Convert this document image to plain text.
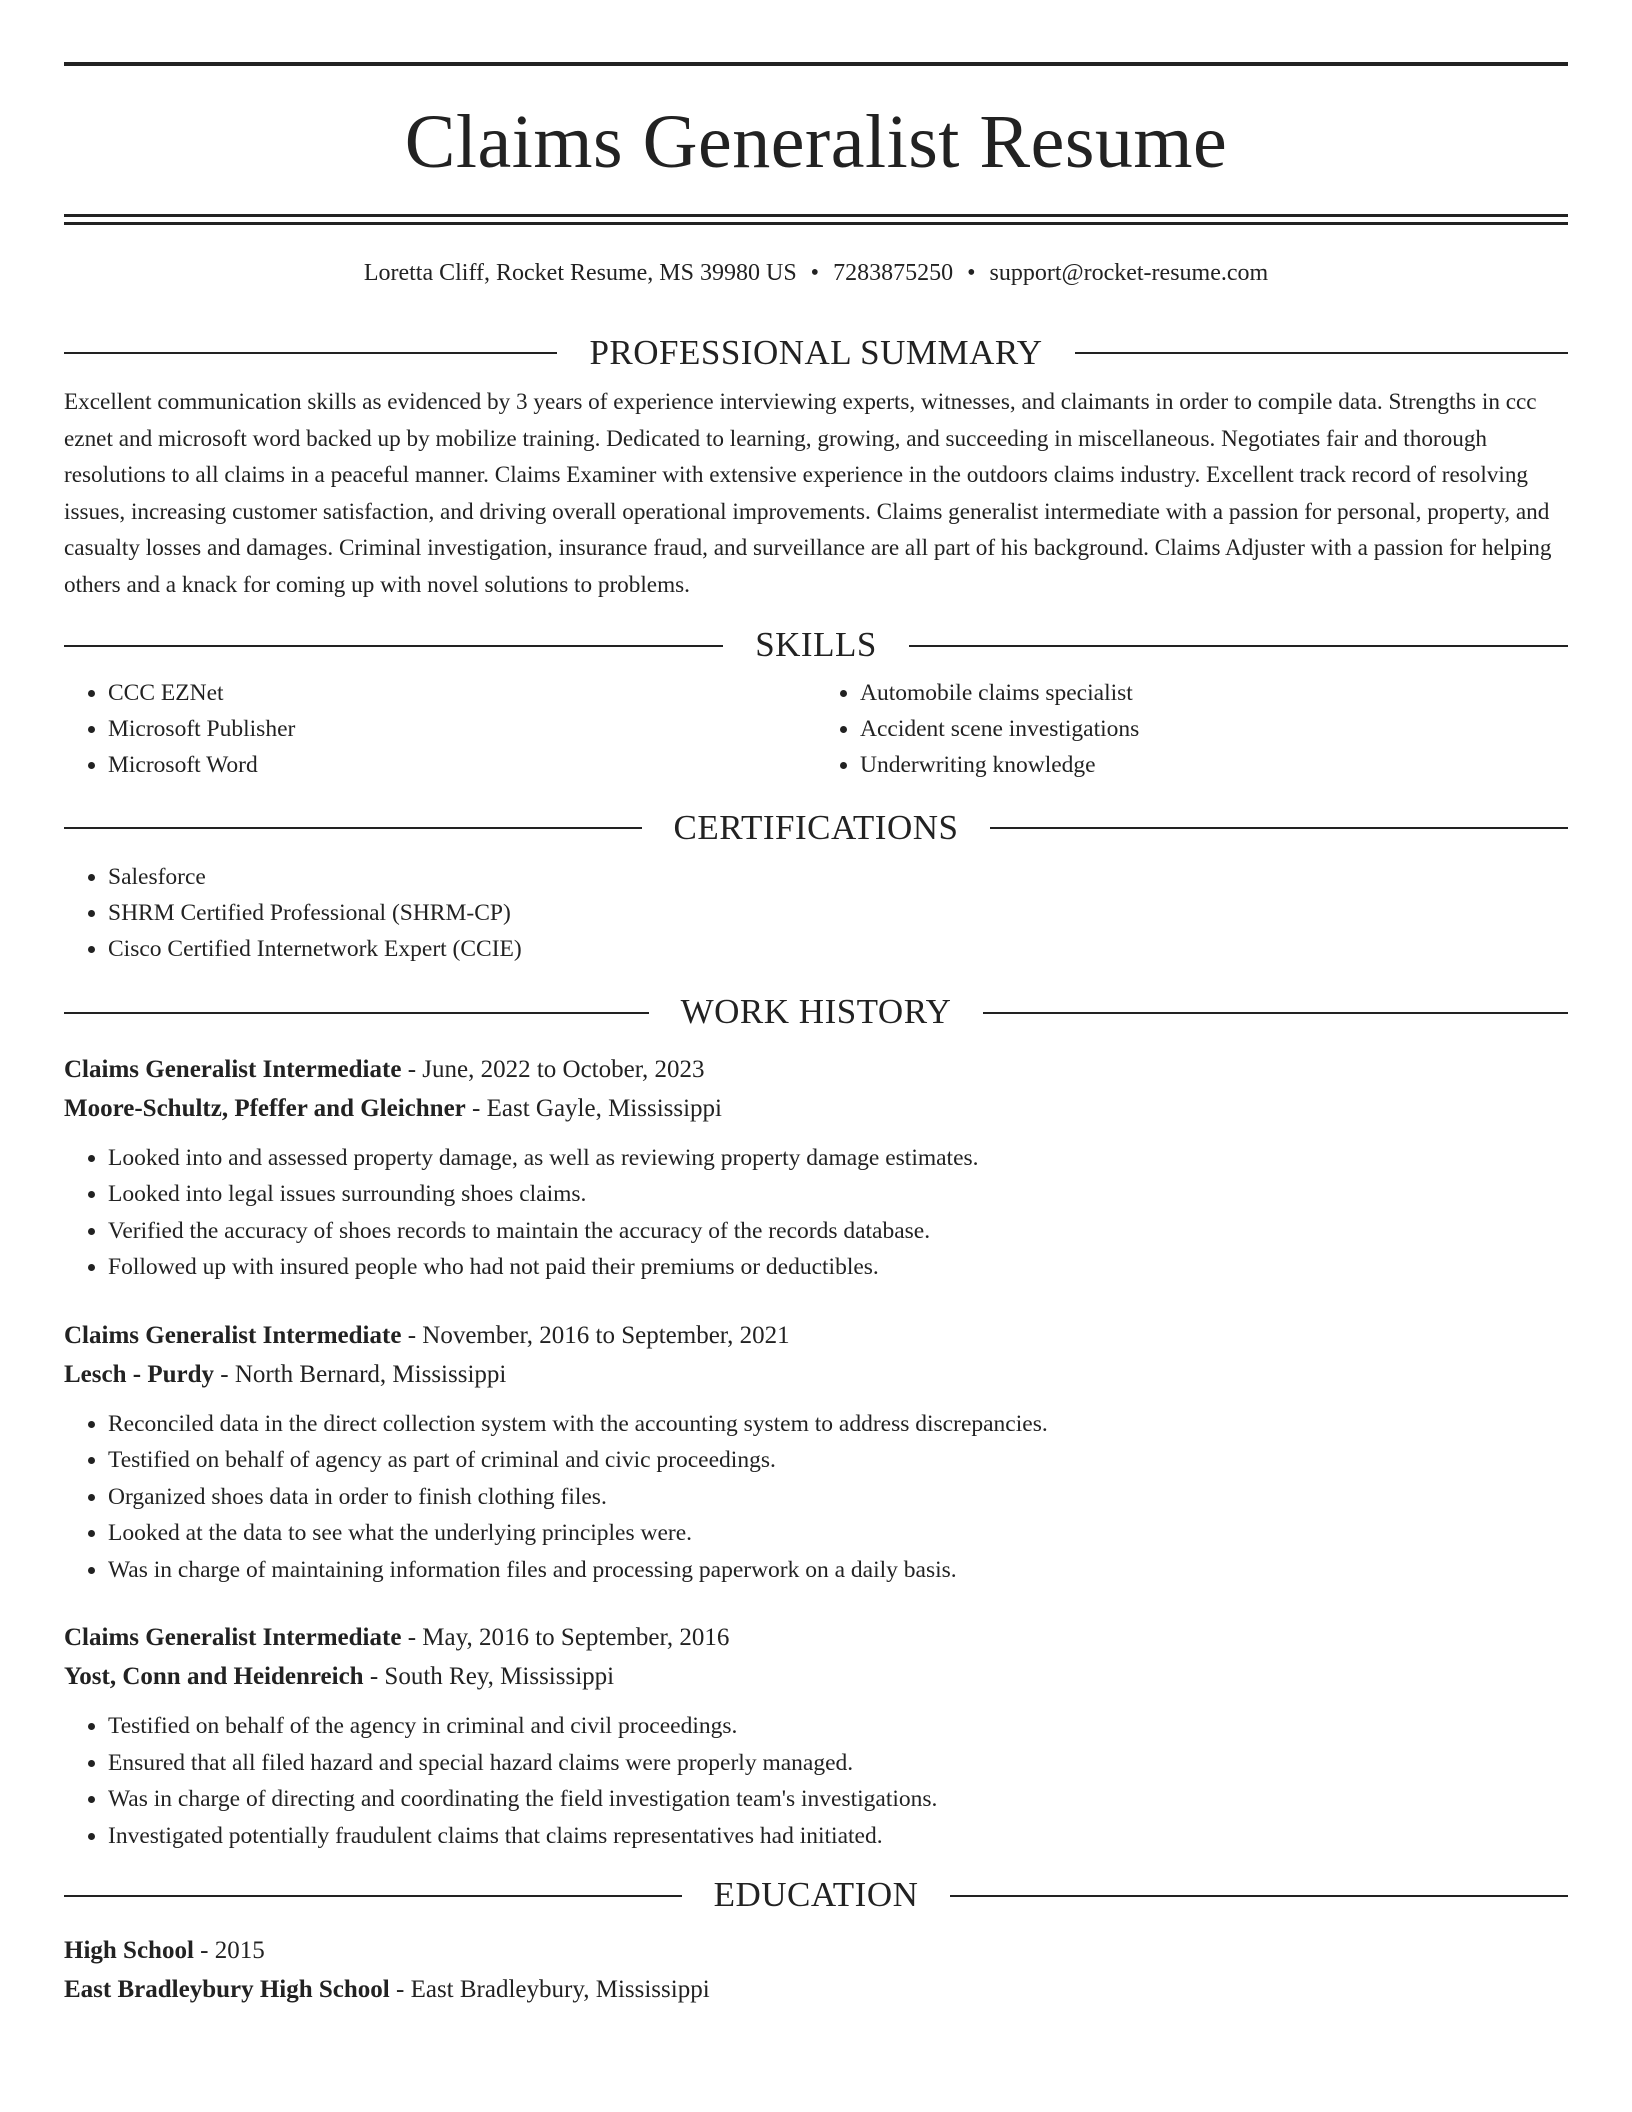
Claims Generalist Resume
Loretta Cliff, Rocket Resume, MS 39980 US • 7283875250 • support@rocket-resume.com
PROFESSIONAL SUMMARY

Excellent communication skills as evidenced by 3 years of experience interviewing experts, witnesses, and claimants in order to compile data. Strengths in ccc eznet and microsoft word backed up by mobilize training. Dedicated to learning, growing, and succeeding in miscellaneous. Negotiates fair and thorough resolutions to all claims in a peaceful manner. Claims Examiner with extensive experience in the outdoors claims industry. Excellent track record of resolving issues, increasing customer satisfaction, and driving overall operational improvements. Claims generalist intermediate with a passion for personal, property, and casualty losses and damages. Criminal investigation, insurance fraud, and surveillance are all part of his background. Claims Adjuster with a passion for helping others and a knack for coming up with novel solutions to problems.

SKILLS
• CCC EZNet
• Microsoft Publisher
• Microsoft Word
• Automobile claims specialist
• Accident scene investigations
• Underwriting knowledge
CERTIFICATIONS
• Salesforce
• SHRM Certified Professional (SHRM-CP)
• Cisco Certified Internetwork Expert (CCIE)
WORK HISTORY
Claims Generalist Intermediate - June, 2022 to October, 2023
Moore-Schultz, Pfeffer and Gleichner - East Gayle, Mississippi
• Looked into and assessed property damage, as well as reviewing property damage estimates.
• Looked into legal issues surrounding shoes claims.
• Verified the accuracy of shoes records to maintain the accuracy of the records database.
• Followed up with insured people who had not paid their premiums or deductibles.
Claims Generalist Intermediate - November, 2016 to September, 2021
Lesch - Purdy - North Bernard, Mississippi
• Reconciled data in the direct collection system with the accounting system to address discrepancies.
• Testified on behalf of agency as part of criminal and civic proceedings.
• Organized shoes data in order to finish clothing files.
• Looked at the data to see what the underlying principles were.
• Was in charge of maintaining information files and processing paperwork on a daily basis.
Claims Generalist Intermediate - May, 2016 to September, 2016
Yost, Conn and Heidenreich - South Rey, Mississippi
• Testified on behalf of the agency in criminal and civil proceedings.
• Ensured that all filed hazard and special hazard claims were properly managed.
• Was in charge of directing and coordinating the field investigation team's investigations.
• Investigated potentially fraudulent claims that claims representatives had initiated.
EDUCATION
High School - 2015
East Bradleybury High School - East Bradleybury, Mississippi
